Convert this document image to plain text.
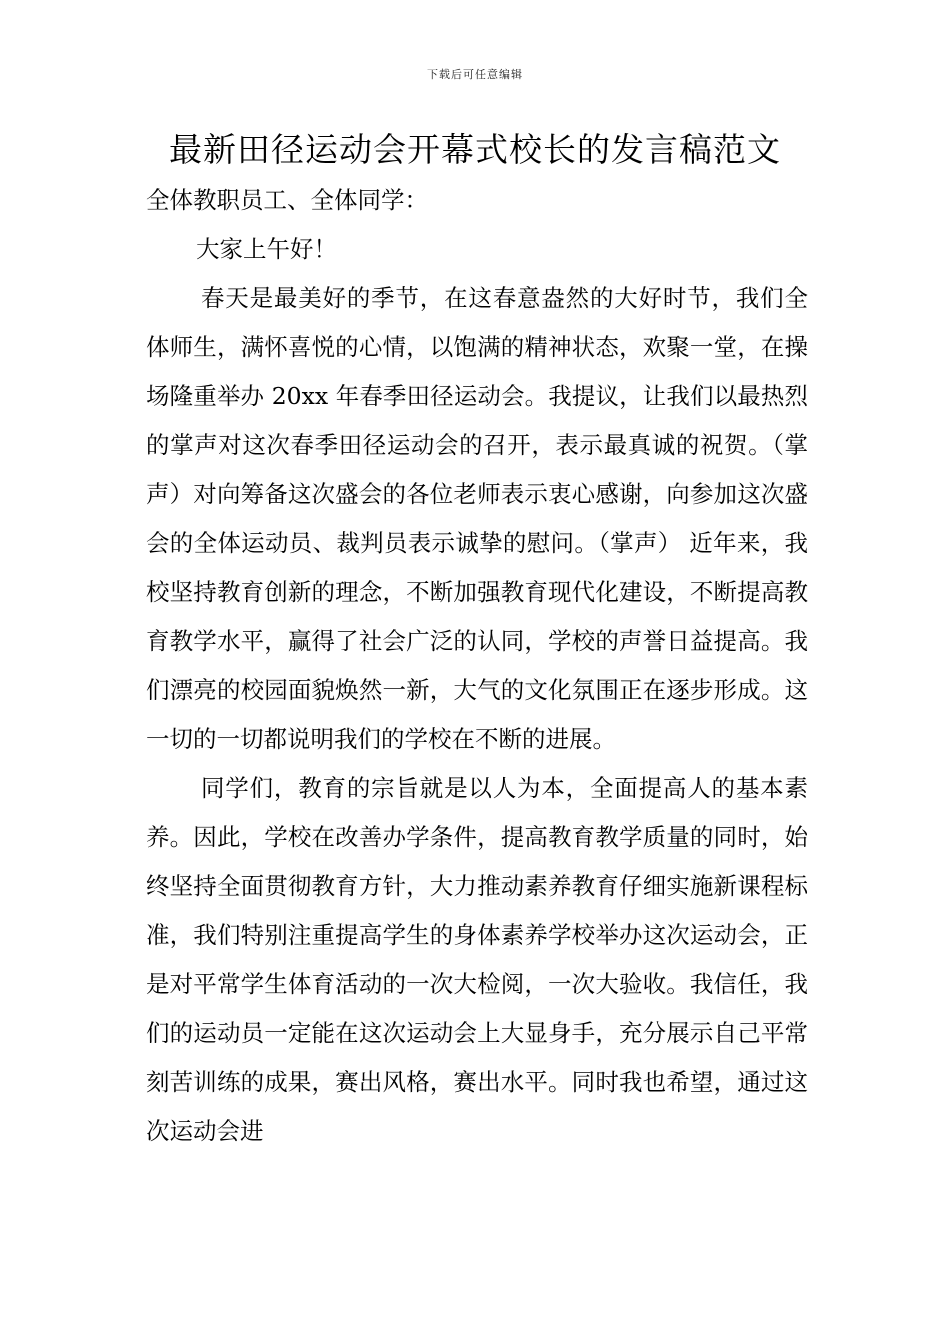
下载后可任意编辑
最新田径运动会开幕式校长的发言稿范文

全体教职员工、全体同学：

大家上午好！

春天是最美好的季节，在这春意盎然的大好时节，我们全体师生，满怀喜悦的心情，以饱满的精神状态，欢聚一堂，在操场隆重举办 20xx 年春季田径运动会。我提议，让我们以最热烈的掌声对这次春季田径运动会的召开，表示最真诚的祝贺。（掌声）对向筹备这次盛会的各位老师表示衷心感谢，向参加这次盛会的全体运动员、裁判员表示诚挚的慰问。（掌声） 近年来，我校坚持教育创新的理念，不断加强教育现代化建设，不断提高教育教学水平，赢得了社会广泛的认同，学校的声誉日益提高。我们漂亮的校园面貌焕然一新，大气的文化氛围正在逐步形成。这一切的一切都说明我们的学校在不断的进展。

同学们，教育的宗旨就是以人为本，全面提高人的基本素养。因此，学校在改善办学条件，提高教育教学质量的同时，始终坚持全面贯彻教育方针，大力推动素养教育仔细实施新课程标准，我们特别注重提高学生的身体素养学校举办这次运动会，正是对平常学生体育活动的一次大检阅，一次大验收。我信任，我们的运动员一定能在这次运动会上大显身手，充分展示自己平常刻苦训练的成果，赛出风格，赛出水平。同时我也希望，通过这次运动会进
